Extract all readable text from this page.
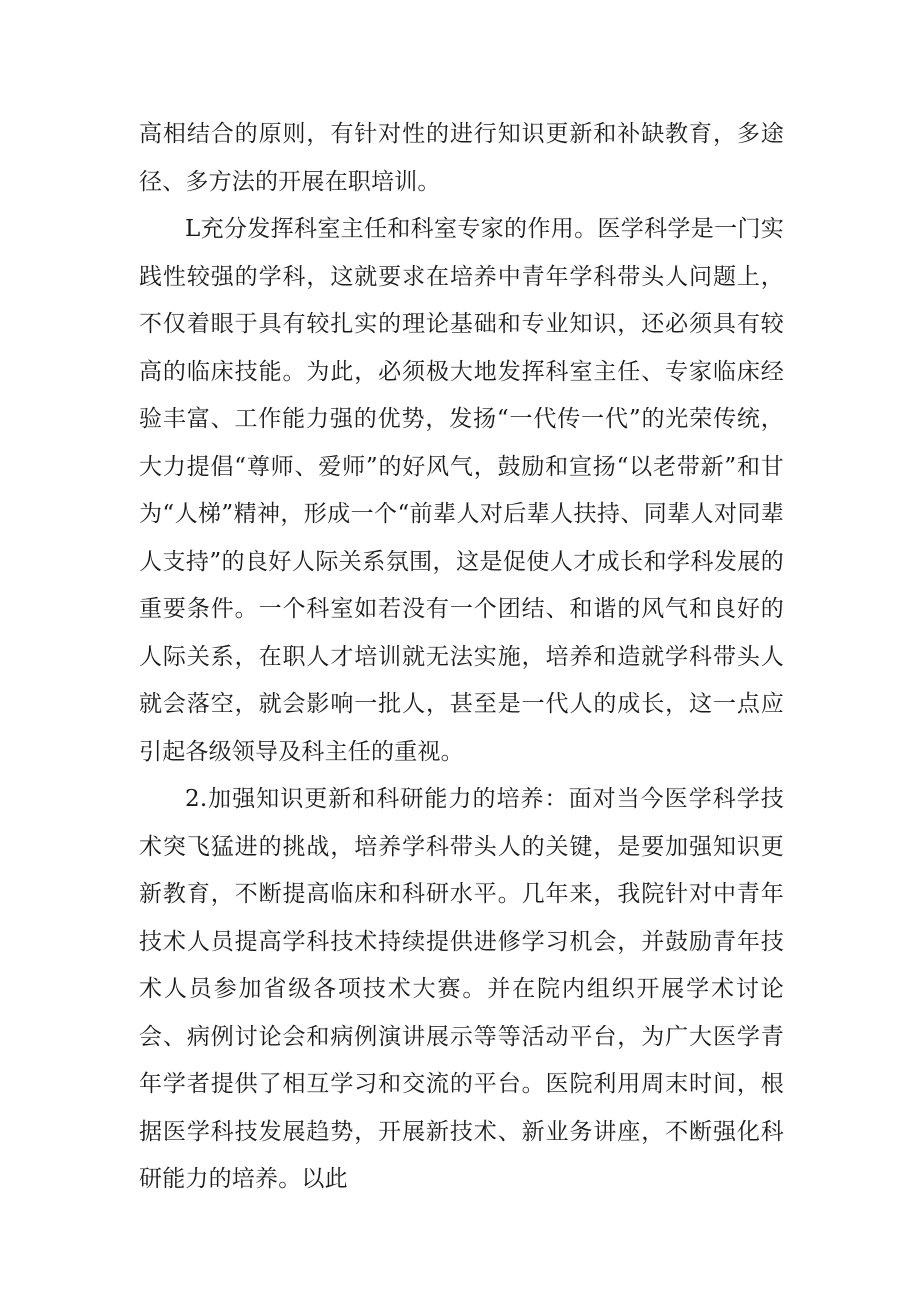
高相结合的原则，有针对性的进行知识更新和补缺教育，多途径、多方法的开展在职培训。

L充分发挥科室主任和科室专家的作用。医学科学是一门实践性较强的学科，这就要求在培养中青年学科带头人问题上，不仅着眼于具有较扎实的理论基础和专业知识，还必须具有较高的临床技能。为此，必须极大地发挥科室主任、专家临床经验丰富、工作能力强的优势，发扬“一代传一代”的光荣传统，大力提倡“尊师、爱师”的好风气，鼓励和宣扬“以老带新”和甘为“人梯”精神，形成一个“前辈人对后辈人扶持、同辈人对同辈人支持”的良好人际关系氛围，这是促使人才成长和学科发展的重要条件。一个科室如若没有一个团结、和谐的风气和良好的人际关系，在职人才培训就无法实施，培养和造就学科带头人就会落空，就会影响一批人，甚至是一代人的成长，这一点应引起各级领导及科主任的重视。

2.加强知识更新和科研能力的培养：面对当今医学科学技术突飞猛进的挑战，培养学科带头人的关键，是要加强知识更新教育，不断提高临床和科研水平。几年来，我院针对中青年技术人员提高学科技术持续提供进修学习机会，并鼓励青年技术人员参加省级各项技术大赛。并在院内组织开展学术讨论会、病例讨论会和病例演讲展示等等活动平台，为广大医学青年学者提供了相互学习和交流的平台。医院利用周末时间，根据医学科技发展趋势，开展新技术、新业务讲座，不断强化科研能力的培养。以此
